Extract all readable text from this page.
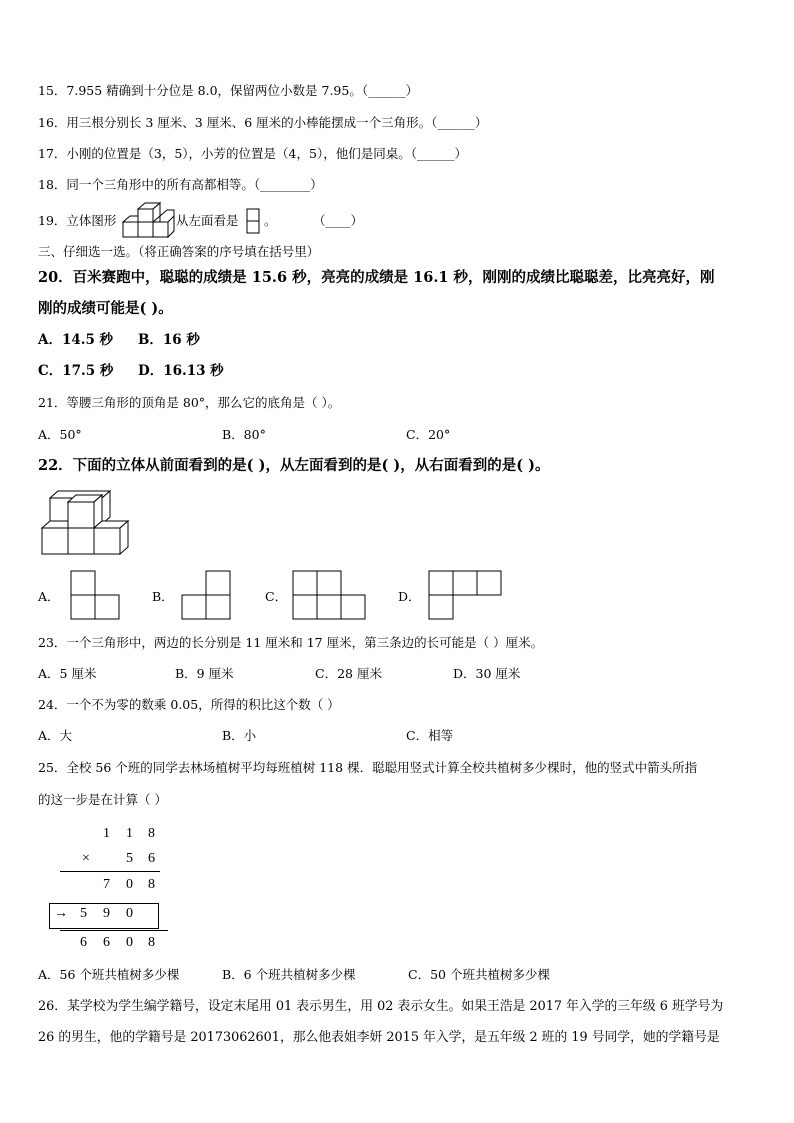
15．7.955 精确到十分位是 8.0，保留两位小数是 7.95。（______）
16．用三根分别长 3 厘米、3 厘米、6 厘米的小棒能摆成一个三角形。（______）
17．小刚的位置是（3，5），小芳的位置是（4，5），他们是同桌。（______）
18．同一个三角形中的所有高都相等。（________）
19．立体图形	从左面看是 。	（____）
三、仔细选一选。（将正确答案的序号填在括号里）
20．百米赛跑中，聪聪的成绩是 15.6 秒，亮亮的成绩是 16.1 秒，刚刚的成绩比聪聪差，比亮亮好，刚
刚的成绩可能是( )。
A．14.5 秒 B．16 秒
C．17.5 秒 D．16.13 秒
21．等腰三角形的顶角是 80°，那么它的底角是（ ）。
A．50°	B．80°	C．20°
22．下面的立体从前面看到的是( )，从左面看到的是( )，从右面看到的是( )。
A．	B．	C．	D．
23．一个三角形中，两边的长分别是 11 厘米和 17 厘米，第三条边的长可能是（ ）厘米。
A．5 厘米	B．9 厘米	C．28 厘米	D．30 厘米
24．一个不为零的数乘 0.05，所得的积比这个数（ ）
A．大	B．小	C．相等
25．全校 56 个班的同学去林场植树平均每班植树 118 棵．聪聪用竖式计算全校共植树多少棵时，他的竖式中箭头所指
的这一步是在计算（ ）
1 1 8
×	5 6
7 0 8
→ 5 9 0
6 6 0 8
A．56 个班共植树多少棵	B．6 个班共植树多少棵	C．50 个班共植树多少棵
26．某学校为学生编学籍号，设定末尾用 01 表示男生，用 02 表示女生。如果王浩是 2017 年入学的三年级 6 班学号为
26 的男生，他的学籍号是 20173062601，那么他表姐李妍 2015 年入学，是五年级 2 班的 19 号同学，她的学籍号是
